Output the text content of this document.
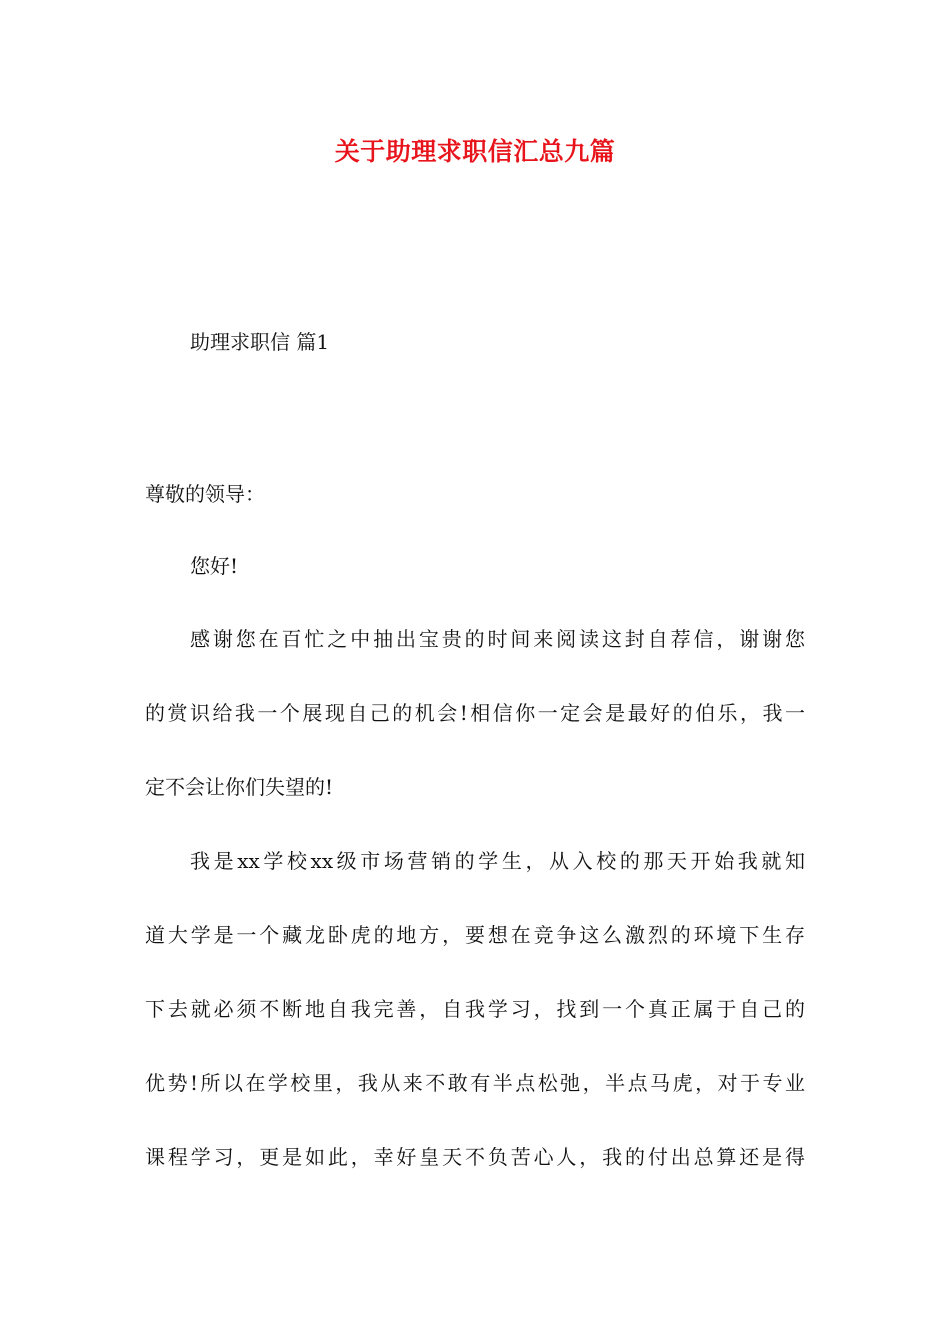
关于助理求职信汇总九篇
助理求职信 篇1
尊敬的领导：
您好!
感谢您在百忙之中抽出宝贵的时间来阅读这封自荐信，谢谢您
的赏识给我一个展现自己的机会!相信你一定会是最好的伯乐，我一
定不会让你们失望的!
我是xx学校xx级市场营销的学生，从入校的那天开始我就知
道大学是一个藏龙卧虎的地方，要想在竞争这么激烈的环境下生存
下去就必须不断地自我完善，自我学习，找到一个真正属于自己的
优势!所以在学校里，我从来不敢有半点松弛，半点马虎，对于专业
课程学习，更是如此，幸好皇天不负苦心人，我的付出总算还是得
